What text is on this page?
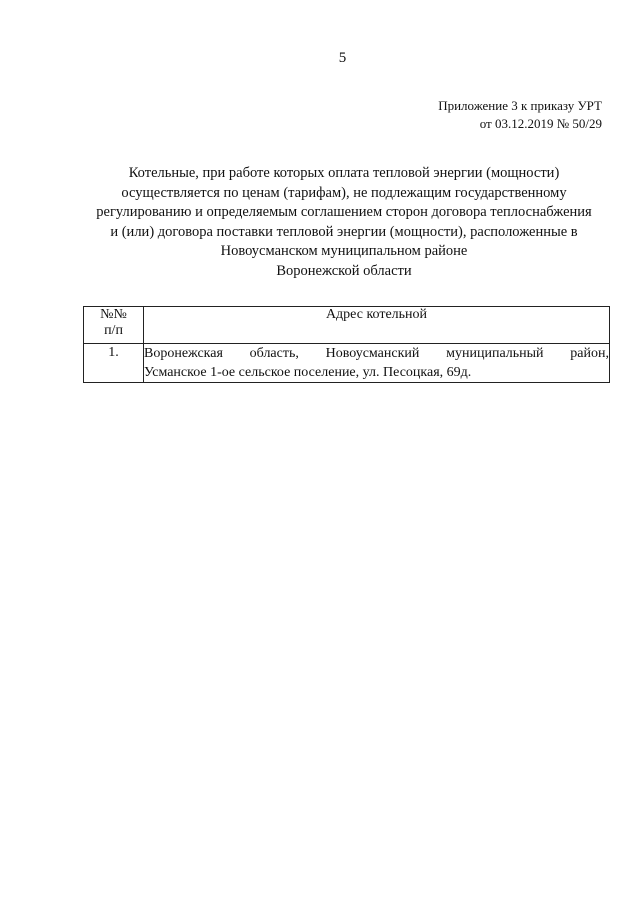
5
Приложение 3 к приказу УРТ
от 03.12.2019 № 50/29
Котельные, при работе которых оплата тепловой энергии (мощности)
осуществляется по ценам (тарифам), не подлежащим государственному
регулированию и определяемым соглашением сторон договора теплоснабжения
и (или) договора поставки тепловой энергии (мощности), расположенные в
Новоусманском муниципальном районе
Воронежской области
№№
п/п	Адрес котельной
1.	Воронежская область, Новоусманский муниципальный район,
Усманское 1-ое сельское поселение, ул. Песоцкая, 69д.
